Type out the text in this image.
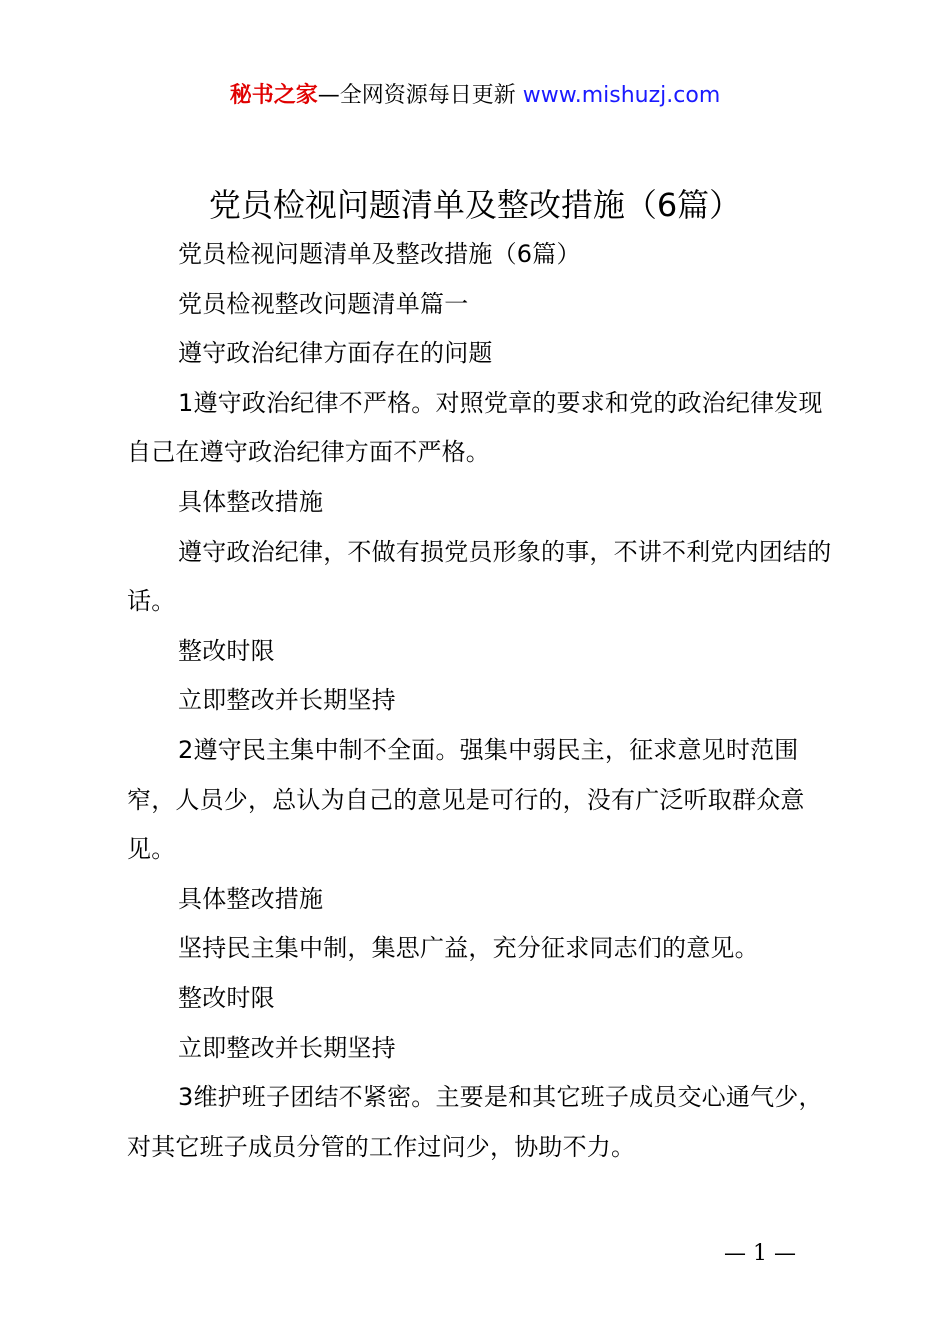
秘书之家—全网资源每日更新 www.mishuzj.com
党员检视问题清单及整改措施（6篇）

党员检视问题清单及整改措施（6篇）

党员检视整改问题清单篇一

遵守政治纪律方面存在的问题

1遵守政治纪律不严格。对照党章的要求和党的政治纪律发现自己在遵守政治纪律方面不严格。

具体整改措施

遵守政治纪律，不做有损党员形象的事，不讲不利党内团结的话。

整改时限

立即整改并长期坚持

2遵守民主集中制不全面。强集中弱民主，征求意见时范围窄，人员少，总认为自己的意见是可行的，没有广泛听取群众意见。

具体整改措施

坚持民主集中制，集思广益，充分征求同志们的意见。

整改时限

立即整改并长期坚持

3维护班子团结不紧密。主要是和其它班子成员交心通气少，对其它班子成员分管的工作过问少，协助不力。

— 1 —
